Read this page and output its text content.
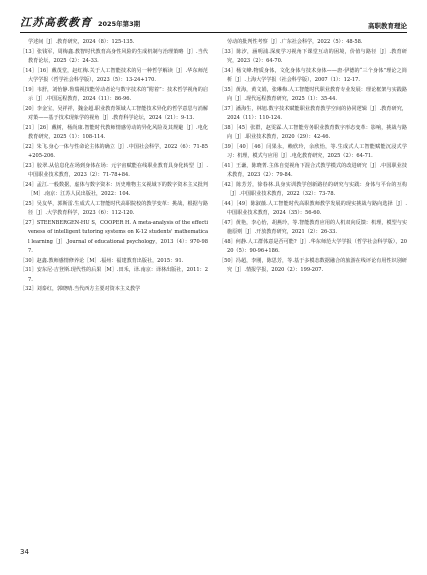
江苏高教教育 2025年第3期	高职教育理论

学述间［J］.教育研究，2024（8）：125-135.

［13］张钱军，周梅鑫.教智时代教育高身性风险的生成机制与治理策略［J］.当代教育论坛，2025（2）：24-33.

［14］［16］戴茂堂，赵红梅.关于人工智能技术的另一种哲学解读［J］.华东师范大学学报（哲学社会科学版），2023（5）：13-24+170.

［19］韦舒，刘怡静.鲁瑞视技能劳动者论与数字技术的“附着”：技术哲学视角的启示［J］.中国远程教育，2024（11）：86-96.

［20］李金宝，吴祥祥，魏金超.职业教育领域人工智能技术异化的哲学意思与消解对策——基于技术现象学的视角［J］.教育科学论坛，2024（21）：9-13.

［21］［26］戴树，杨尚康.智能时代教师情感劳动的异化风险及其规避［J］.电化教育研究，2025（1）：108-114.

［22］朱飞.身心一体与性命论主体的确立［J］.中国社会科学，2022（6）：71-85+205-206.

［23］胶翠.从信息化在场到身体在场：元宇宙赋能在线职业教育具身化转型［J］.中国职业技术教育，2023（2）：71-78+84.

［24］孟江.一般数据，虚体与数字资本：历史唯物主义视域下的数字资本主义批判［M］.南京：江苏人民出版社，2022：104.

［25］吴友华，郭斯雷.生成式人工智能时代高职院校的教学变革：挑战，根据与路径［J］.大学教育科学，2023（6）：112-120.

［27］STEENBERGEN-HU S，COOPER H. A meta-analysis of the effectiveness of intelligent tutoring systems on K-12 students' mathematical learning［J］.Journal of educational psychology，2013（4）：970-987.

［30］赵鑫.教师感情修养论［M］.福州：福建教育出版社，2015：91.

［31］安东尼·吉登斯.现代性的后果［M］.田禾，译.南京：译林出版社，2011：27.

［32］刘泰红，郭晓晴.当代西方主要对资本主义教学

劳动的批判性考察［J］.广东社会科学，2022（5）：48-58.

［33］陈汐，涵明浦.深度学习视角下课堂互动的困境，价值与路径［J］.教育研究，2023（2）：64-70.

［34］杨文峰.物质身体，文化身体与技术身体——唐·伊德的“三个身体”理论之简析［J］.上海大学学报（社会科学版），2007（1）：12-17.

［35］黄海，黄文娟，张琳梅.人工智能时代职业教育专业发展：理论框架与实践路向［J］.现代远程教育研究，2025（1）：35-44.

［37］潘海生，林旭.数字技术赋能职业教育教学空间的协同逻辑［J］.教育研究，2024（11）：110-124.

［38］［45］张群，赵雯霖.人工智能劳务职业教育数字形态变革：影响，挑战与路向［J］.职业技术教育，2020（29）：42-46.

［39］［40］［46］闫果永，赖欣玲，余欣怡，等.生成式人工智能赋能沉浸式学习：机理，模式与应用［J］.电化教育研究，2025（2）：64-71.

［41］王谦，陈晓菁.主体自觉视角下混合式教学模式的改进研究［J］.中国职业技术教育，2023（2）：79-84.

［42］陈芳芳，徐春林.具身实训教学创新路径的研究与实践：身体与平台的互构［J］.中国职业技术教育，2022（32）：73-78.

［44］［49］陈淑薇.人工智能时代高职教师教学发展的现实挑战与路向选择［J］.中国职业技术教育，2024（35）：56-60.

［47］黄艳，李心怡，胡燕玲，等.智能教育应用的人机双向反馈：机理，模型与实施原则［J］.开放教育研究，2021（2）：26-33.

［48］何静.人工群体意是否可能?［J］.华东师范大学学报（哲学社会科学版），2020（5）：90-96+186.

［50］冯超，李刚，陈思芳，等.基于多模态数据融合的旅游在线评论有用性识别研究［J］.情报学报，2020（2）：199-207.

34
